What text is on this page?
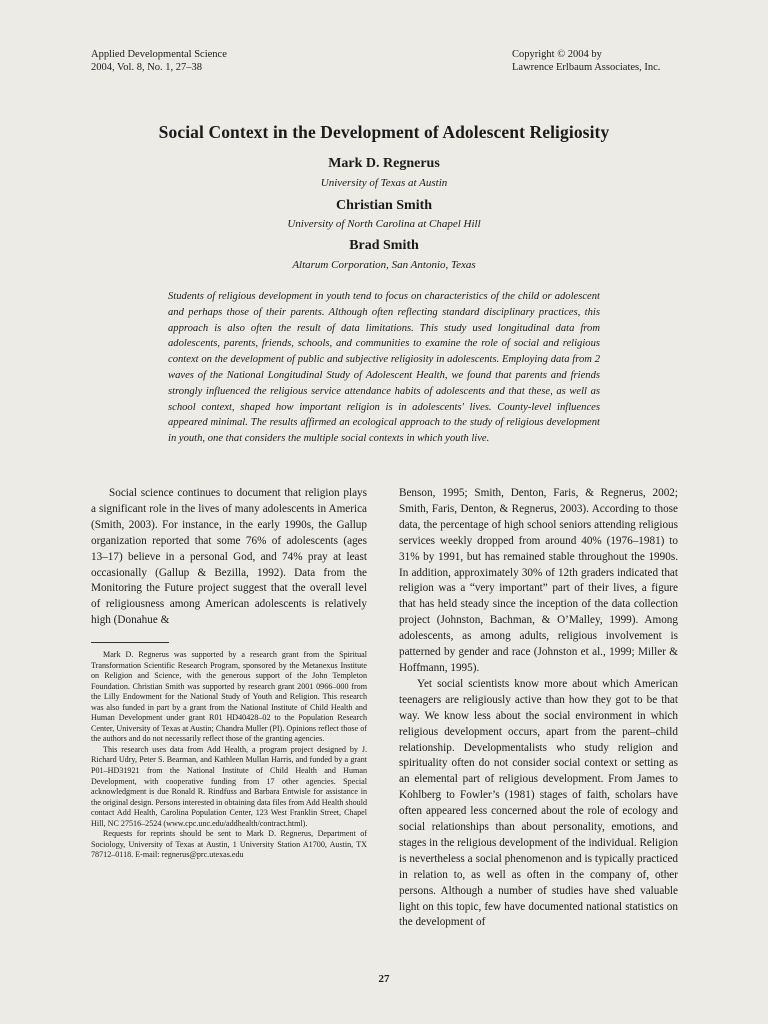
Applied Developmental Science
2004, Vol. 8, No. 1, 27–38
Copyright © 2004 by
Lawrence Erlbaum Associates, Inc.
Social Context in the Development of Adolescent Religiosity
Mark D. Regnerus
University of Texas at Austin
Christian Smith
University of North Carolina at Chapel Hill
Brad Smith
Altarum Corporation, San Antonio, Texas
Students of religious development in youth tend to focus on characteristics of the child or adolescent and perhaps those of their parents. Although often reflecting standard disciplinary practices, this approach is also often the result of data limitations. This study used longitudinal data from adolescents, parents, friends, schools, and communities to examine the role of social and religious context on the development of public and subjective religiosity in adolescents. Employing data from 2 waves of the National Longitudinal Study of Adolescent Health, we found that parents and friends strongly influenced the religious service attendance habits of adolescents and that these, as well as school context, shaped how important religion is in adolescents' lives. County-level influences appeared minimal. The results affirmed an ecological approach to the study of religious development in youth, one that considers the multiple social contexts in which youth live.

Social science continues to document that religion plays a significant role in the lives of many adolescents in America (Smith, 2003). For instance, in the early 1990s, the Gallup organization reported that some 76% of adolescents (ages 13–17) believe in a personal God, and 74% pray at least occasionally (Gallup & Bezilla, 1992). Data from the Monitoring the Future project suggest that the overall level of religiousness among American adolescents is relatively high (Donahue &

Mark D. Regnerus was supported by a research grant from the Spiritual Transformation Scientific Research Program, sponsored by the Metanexus Institute on Religion and Science, with the generous support of the John Templeton Foundation. Christian Smith was supported by research grant 2001 0966–000 from the Lilly Endowment for the National Study of Youth and Religion. This research was also funded in part by a grant from the National Institute of Child Health and Human Development under grant R01 HD40428–02 to the Population Research Center, University of Texas at Austin; Chandra Muller (PI). Opinions reflect those of the authors and do not necessarily reflect those of the granting agencies.

This research uses data from Add Health, a program project designed by J. Richard Udry, Peter S. Bearman, and Kathleen Mullan Harris, and funded by a grant P01–HD31921 from the National Institute of Child Health and Human Development, with cooperative funding from 17 other agencies. Special acknowledgment is due Ronald R. Rindfuss and Barbara Entwisle for assistance in the original design. Persons interested in obtaining data files from Add Health should contact Add Health, Carolina Population Center, 123 West Franklin Street, Chapel Hill, NC 27516–2524 (www.cpc.unc.edu/addhealth/contract.html).

Requests for reprints should be sent to Mark D. Regnerus, Department of Sociology, University of Texas at Austin, 1 University Station A1700, Austin, TX 78712–0118. E-mail: regnerus@prc.utexas.edu

Benson, 1995; Smith, Denton, Faris, & Regnerus, 2002; Smith, Faris, Denton, & Regnerus, 2003). According to those data, the percentage of high school seniors attending religious services weekly dropped from around 40% (1976–1981) to 31% by 1991, but has remained stable throughout the 1990s. In addition, approximately 30% of 12th graders indicated that religion was a “very important” part of their lives, a figure that has held steady since the inception of the data collection project (Johnston, Bachman, & O’Malley, 1999). Among adolescents, as among adults, religious involvement is patterned by gender and race (Johnston et al., 1999; Miller & Hoffmann, 1995).

Yet social scientists know more about which American teenagers are religiously active than how they got to be that way. We know less about the social environment in which religious development occurs, apart from the parent–child relationship. Developmentalists who study religion and spirituality often do not consider social context or setting as an elemental part of religious development. From James to Kohlberg to Fowler’s (1981) stages of faith, scholars have often appeared less concerned about the role of ecology and social relationships than about personality, emotions, and stages in the religious development of the individual. Religion is nevertheless a social phenomenon and is typically practiced in relation to, as well as often in the company of, other persons. Although a number of studies have shed valuable light on this topic, few have documented national statistics on the development of

27
